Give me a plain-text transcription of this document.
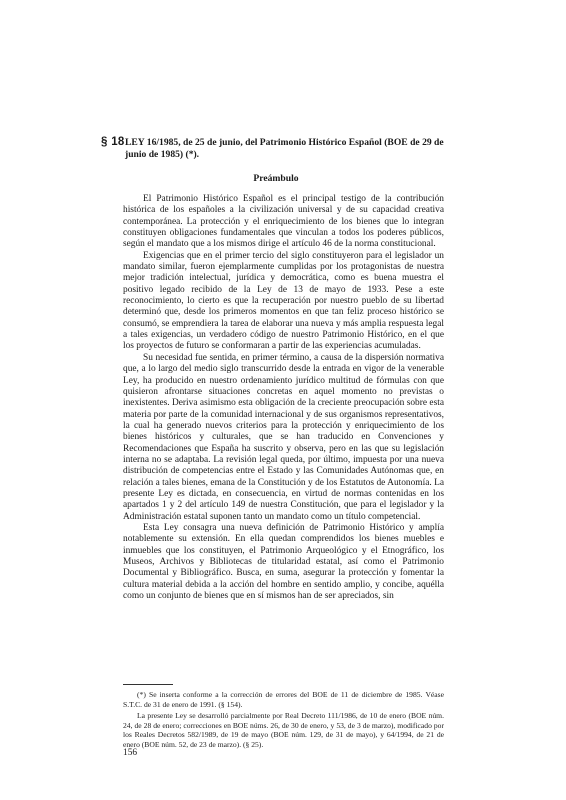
§ 18 LEY 16/1985, de 25 de junio, del Patrimonio Histórico Español (BOE de 29 de junio de 1985) (*).
Preámbulo

El Patrimonio Histórico Español es el principal testigo de la contribución histórica de los españoles a la civilización universal y de su capacidad creativa contemporánea. La protección y el enriquecimiento de los bienes que lo integran constituyen obligaciones fundamentales que vinculan a todos los poderes públicos, según el mandato que a los mismos dirige el artículo 46 de la norma constitucional.

Exigencias que en el primer tercio del siglo constituyeron para el legislador un mandato similar, fueron ejemplarmente cumplidas por los protagonistas de nuestra mejor tradición intelectual, jurídica y democrática, como es buena muestra el positivo legado recibido de la Ley de 13 de mayo de 1933. Pese a este reconocimiento, lo cierto es que la recuperación por nuestro pueblo de su libertad determinó que, desde los primeros momentos en que tan feliz proceso histórico se consumó, se emprendiera la tarea de elaborar una nueva y más amplia respuesta legal a tales exigencias, un verdadero código de nuestro Patrimonio Histórico, en el que los proyectos de futuro se conformaran a partir de las experiencias acumuladas.

Su necesidad fue sentida, en primer término, a causa de la dispersión normativa que, a lo largo del medio siglo transcurrido desde la entrada en vigor de la venerable Ley, ha producido en nuestro ordenamiento jurídico multitud de fórmulas con que quisieron afrontarse situaciones concretas en aquel momento no previstas o inexistentes. Deriva asimismo esta obligación de la creciente preocupación sobre esta materia por parte de la comunidad internacional y de sus organismos representativos, la cual ha generado nuevos criterios para la protección y enriquecimiento de los bienes históricos y culturales, que se han traducido en Convenciones y Recomendaciones que España ha suscrito y observa, pero en las que su legislación interna no se adaptaba. La revisión legal queda, por último, impuesta por una nueva distribución de competencias entre el Estado y las Comunidades Autónomas que, en relación a tales bienes, emana de la Constitución y de los Estatutos de Autonomía. La presente Ley es dictada, en consecuencia, en virtud de normas contenidas en los apartados 1 y 2 del artículo 149 de nuestra Constitución, que para el legislador y la Administración estatal suponen tanto un mandato como un título competencial.

Esta Ley consagra una nueva definición de Patrimonio Histórico y amplía notablemente su extensión. En ella quedan comprendidos los bienes muebles e inmuebles que los constituyen, el Patrimonio Arqueológico y el Etnográfico, los Museos, Archivos y Bibliotecas de titularidad estatal, así como el Patrimonio Documental y Bibliográfico. Busca, en suma, asegurar la protección y fomentar la cultura material debida a la acción del hombre en sentido amplio, y concibe, aquélla como un conjunto de bienes que en sí mismos han de ser apreciados, sin

(*) Se inserta conforme a la corrección de errores del BOE de 11 de diciembre de 1985. Véase S.T.C. de 31 de enero de 1991. (§ 154).

La presente Ley se desarrolló parcialmente por Real Decreto 111/1986, de 10 de enero (BOE núm. 24, de 28 de enero; correcciones en BOE núms. 26, de 30 de enero, y 53, de 3 de marzo), modificado por los Reales Decretos 582/1989, de 19 de mayo (BOE núm. 129, de 31 de mayo), y 64/1994, de 21 de enero (BOE núm. 52, de 23 de marzo). (§ 25).

156
